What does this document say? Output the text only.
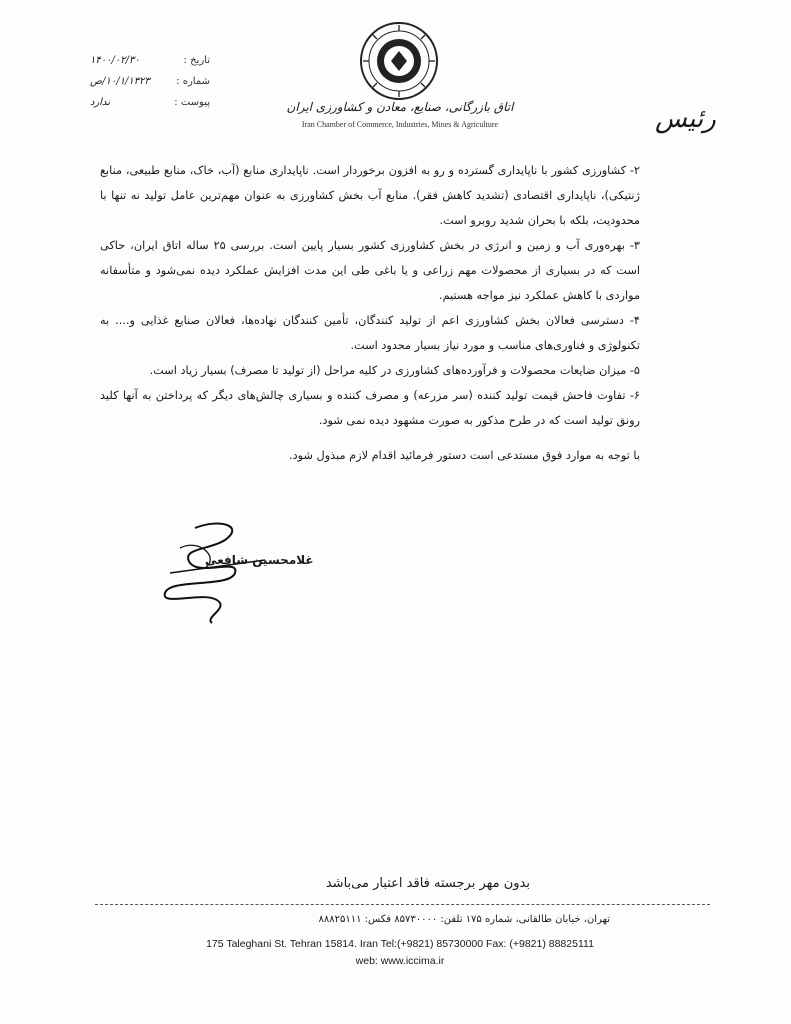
اتاق بازرگانی، صنایع، معادن و کشاورزی ایران
Iran Chamber of Commerce, Industries, Mines & Agriculture	رئیس
تاریخ :
۱۴۰۰/۰۲/۳۰
شماره :
۱۰/۱/۱۳۲۳/ص
پیوست :
ندارد

۲- کشاورزی کشور با ناپایداری گسترده و رو به افزون برخوردار است. ناپایداری منابع (آب، خاک، منابع طبیعی، منابع ژنتیکی)، ناپایداری اقتصادی (تشدید کاهش فقر). منابع آب بخش کشاورزی به عنوان مهم‌ترین عامل تولید نه تنها با محدودیت، بلکه با بحران شدید روبرو است.

۳- بهره‌وری آب و زمین و انرژی در بخش کشاورزی کشور بسیار پایین است. بررسی ۲۵ ساله اتاق ایران، حاکی است که در بسیاری از محصولات مهم زراعی و یا باغی طی این مدت افزایش عملکرد دیده نمی‌شود و متأسفانه مواردی با کاهش عملکرد نیز مواجه هستیم.

۴- دسترسی فعالان بخش کشاورزی اعم از تولید کنندگان، تأمین کنندگان نهاده‌ها، فعالان صنایع غذایی و.... به تکنولوژی و فناوری‌های مناسب و مورد نیاز بسیار محدود است.

۵- میزان ضایعات محصولات و فرآورده‌های کشاورزی در کلیه مراحل (از تولید تا مصرف) بسیار زیاد است.

۶- تفاوت فاحش قیمت تولید کننده (سر مزرعه) و مصرف کننده و بسیاری چالش‌های دیگر که پرداختن به آنها کلید رونق تولید است که در طرح مذکور به صورت مشهود دیده نمی شود.

با توجه به موارد فوق مستدعی است دستور فرمائید اقدام لازم مبذول شود.

غلامحسین شافعی
بدون مهر برجسته فاقد اعتبار می‌باشد
تهران، خیابان طالقانی، شماره ۱۷۵ تلفن: ۸۵۷۳۰۰۰۰ فکس: ۸۸۸۲۵۱۱۱
175 Taleghani St. Tehran 15814. Iran Tel:(+9821) 85730000 Fax: (+9821) 88825111
web: www.iccima.ir
